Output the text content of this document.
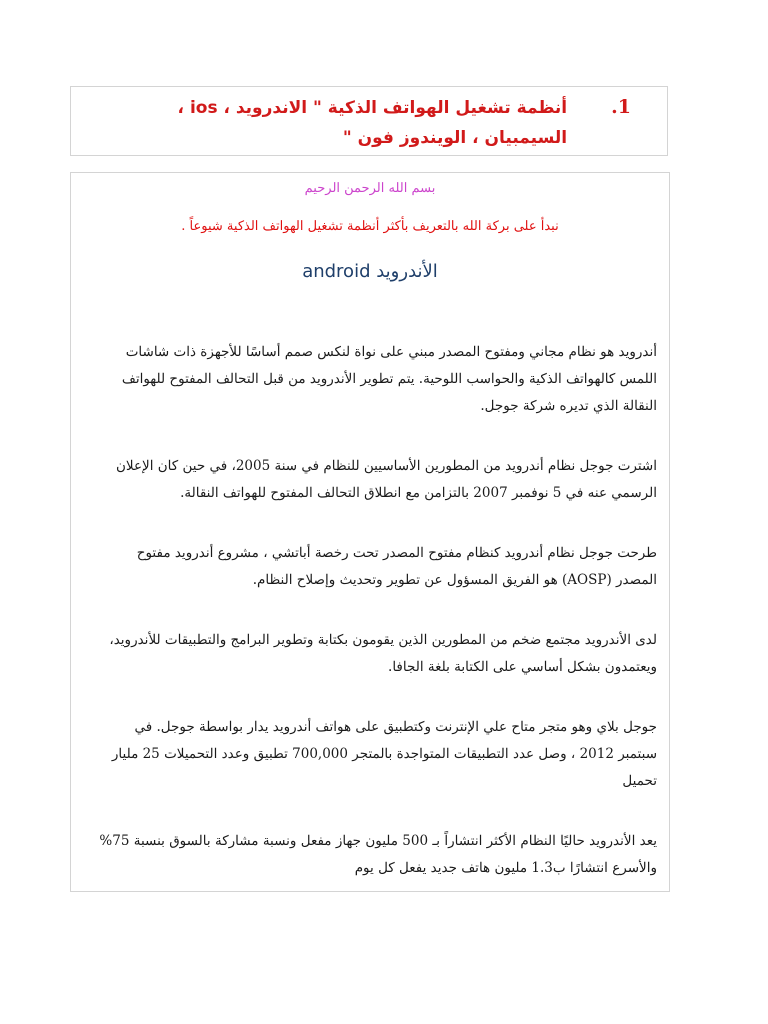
1.
أنظمة تشغيل الهواتف الذكية " الاندرويد ، ios ، السيمبيان ، الويندوز فون "
بسم الله الرحمن الرحيم
نبدأ على بركة الله بالتعريف بأكثر أنظمة تشغيل الهواتف الذكية شيوعاً .
الأندرويد android

أندرويد هو نظام مجاني ومفتوح المصدر مبني على نواة لنكس صمم أساسًا للأجهزة ذات شاشات اللمس كالهواتف الذكية والحواسب اللوحية. يتم تطوير الأندرويد من قبل التحالف المفتوح للهواتف النقالة الذي تديره شركة جوجل.

اشترت جوجل نظام أندرويد من المطورين الأساسيين للنظام في سنة 2005، في حين كان الإعلان الرسمي عنه في 5 نوفمبر 2007 بالتزامن مع انطلاق التحالف المفتوح للهواتف النقالة.

طرحت جوجل نظام أندرويد كنظام مفتوح المصدر تحت رخصة أباتشي ، مشروع أندرويد مفتوح المصدر (AOSP) هو الفريق المسؤول عن تطوير وتحديث وإصلاح النظام.

لدى الأندرويد مجتمع ضخم من المطورين الذين يقومون بكتابة وتطوير البرامج والتطبيقات للأندرويد، ويعتمدون بشكل أساسي على الكتابة بلغة الجافا.

جوجل بلاي وهو متجر متاح علي الإنترنت وكتطبيق على هواتف أندرويد يدار بواسطة جوجل. في سبتمبر 2012 ، وصل عدد التطبيقات المتواجدة بالمتجر 700,000 تطبيق وعدد التحميلات 25 مليار تحميل

يعد الأندرويد حاليًا النظام الأكثر انتشاراً بـ 500 مليون جهاز مفعل ونسبة مشاركة بالسوق بنسبة 75% والأسرع انتشارًا ب1.3 مليون هاتف جديد يفعل كل يوم
